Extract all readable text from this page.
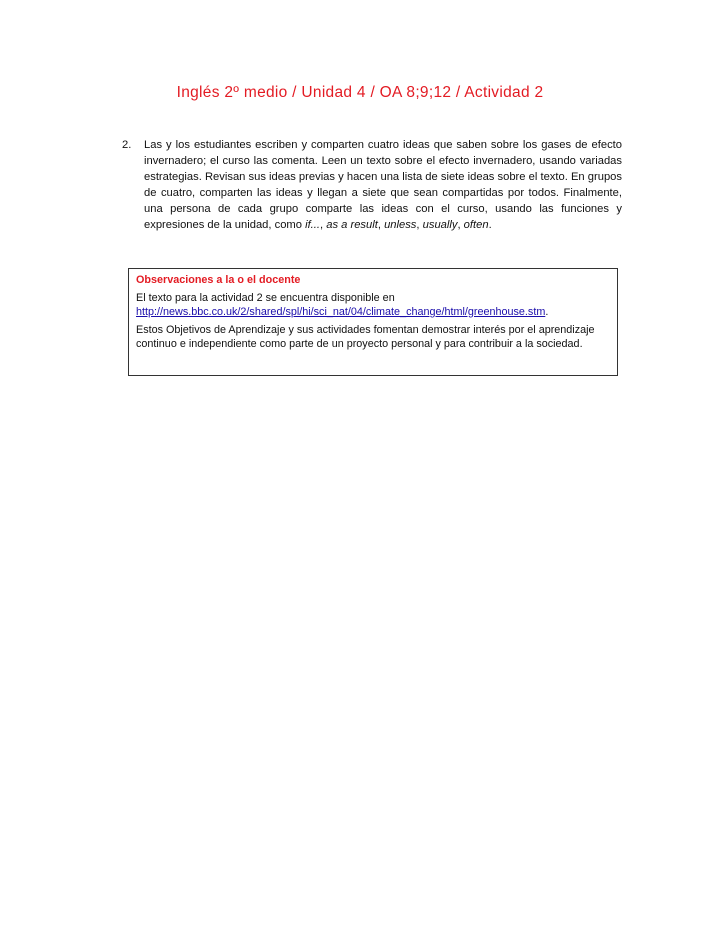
Inglés 2º medio / Unidad 4 / OA 8;9;12 / Actividad 2
2. Las y los estudiantes escriben y comparten cuatro ideas que saben sobre los gases de efecto invernadero; el curso las comenta. Leen un texto sobre el efecto invernadero, usando variadas estrategias. Revisan sus ideas previas y hacen una lista de siete ideas sobre el texto. En grupos de cuatro, comparten las ideas y llegan a siete que sean compartidas por todos. Finalmente, una persona de cada grupo comparte las ideas con el curso, usando las funciones y expresiones de la unidad, como if..., as a result, unless, usually, often.
Observaciones a la o el docente

El texto para la actividad 2 se encuentra disponible en http://news.bbc.co.uk/2/shared/spl/hi/sci_nat/04/climate_change/html/greenhouse.stm.

Estos Objetivos de Aprendizaje y sus actividades fomentan demostrar interés por el aprendizaje continuo e independiente como parte de un proyecto personal y para contribuir a la sociedad.
